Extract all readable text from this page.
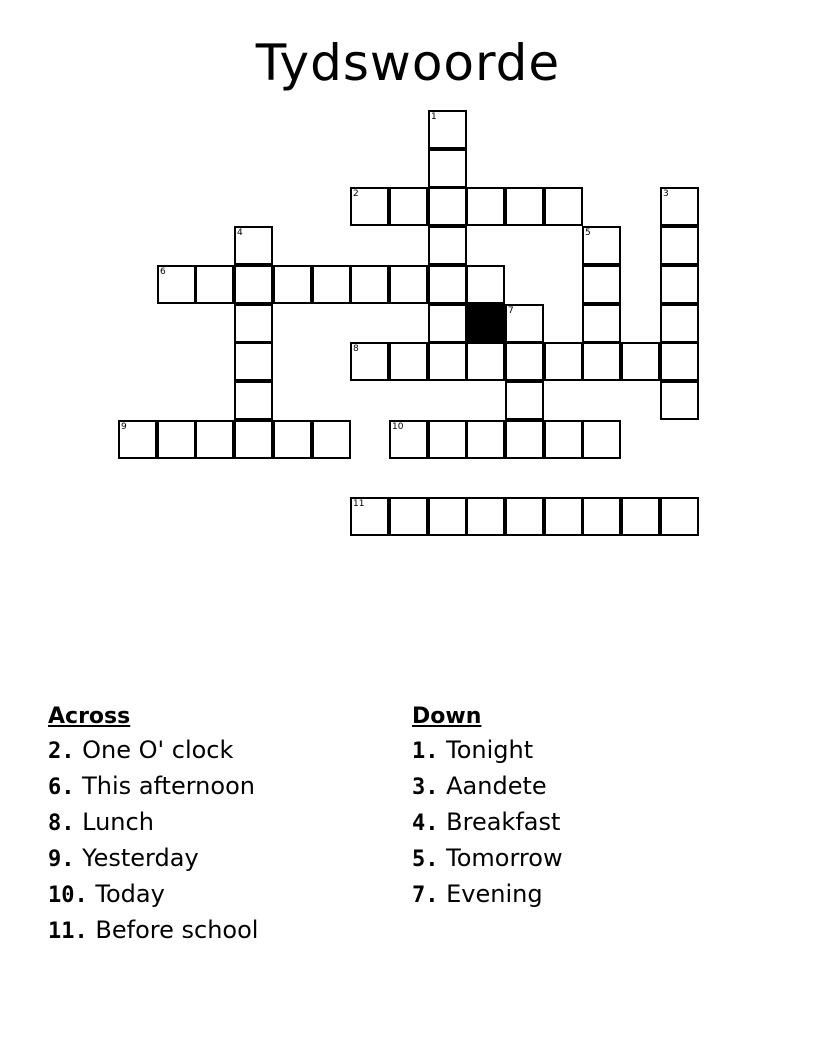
Tydswoorde
2
6
8
9	10
11
1
3
4	5
7
Across
2. One O' clock
6. This afternoon
8. Lunch
9. Yesterday
10. Today
11. Before school
Down
1. Tonight
3. Aandete
4. Breakfast
5. Tomorrow
7. Evening
